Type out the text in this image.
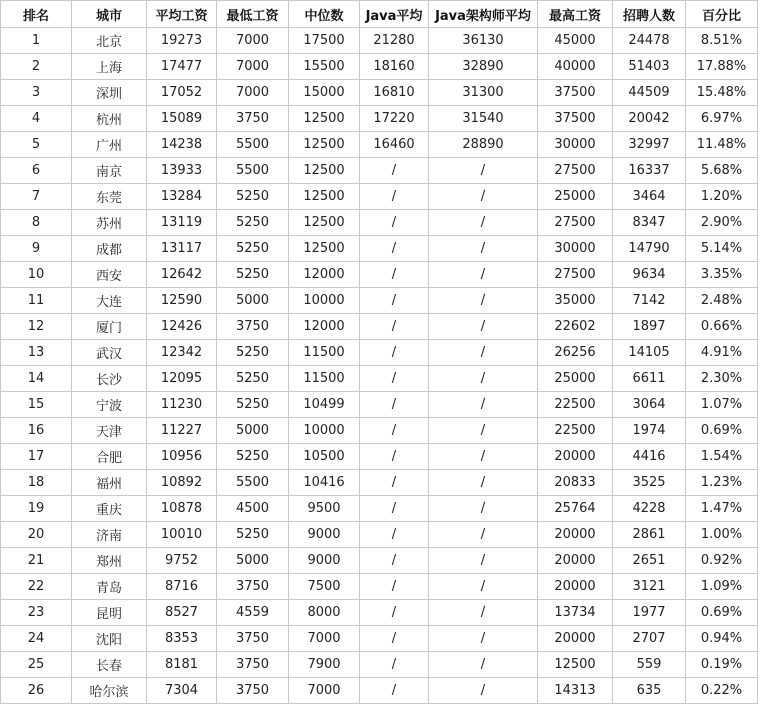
排名	城市	平均工资	最低工资	中位数	Java平均	Java架构师平均	最高工资	招聘人数	百分比
1	北京	19273	7000	17500	21280	36130	45000	24478	8.51%
2	上海	17477	7000	15500	18160	32890	40000	51403	17.88%
3	深圳	17052	7000	15000	16810	31300	37500	44509	15.48%
4	杭州	15089	3750	12500	17220	31540	37500	20042	6.97%
5	广州	14238	5500	12500	16460	28890	30000	32997	11.48%
6	南京	13933	5500	12500	/	/	27500	16337	5.68%
7	东莞	13284	5250	12500	/	/	25000	3464	1.20%
8	苏州	13119	5250	12500	/	/	27500	8347	2.90%
9	成都	13117	5250	12500	/	/	30000	14790	5.14%
10	西安	12642	5250	12000	/	/	27500	9634	3.35%
11	大连	12590	5000	10000	/	/	35000	7142	2.48%
12	厦门	12426	3750	12000	/	/	22602	1897	0.66%
13	武汉	12342	5250	11500	/	/	26256	14105	4.91%
14	长沙	12095	5250	11500	/	/	25000	6611	2.30%
15	宁波	11230	5250	10499	/	/	22500	3064	1.07%
16	天津	11227	5000	10000	/	/	22500	1974	0.69%
17	合肥	10956	5250	10500	/	/	20000	4416	1.54%
18	福州	10892	5500	10416	/	/	20833	3525	1.23%
19	重庆	10878	4500	9500	/	/	25764	4228	1.47%
20	济南	10010	5250	9000	/	/	20000	2861	1.00%
21	郑州	9752	5000	9000	/	/	20000	2651	0.92%
22	青岛	8716	3750	7500	/	/	20000	3121	1.09%
23	昆明	8527	4559	8000	/	/	13734	1977	0.69%
24	沈阳	8353	3750	7000	/	/	20000	2707	0.94%
25	长春	8181	3750	7900	/	/	12500	559	0.19%
26	哈尔滨	7304	3750	7000	/	/	14313	635	0.22%
